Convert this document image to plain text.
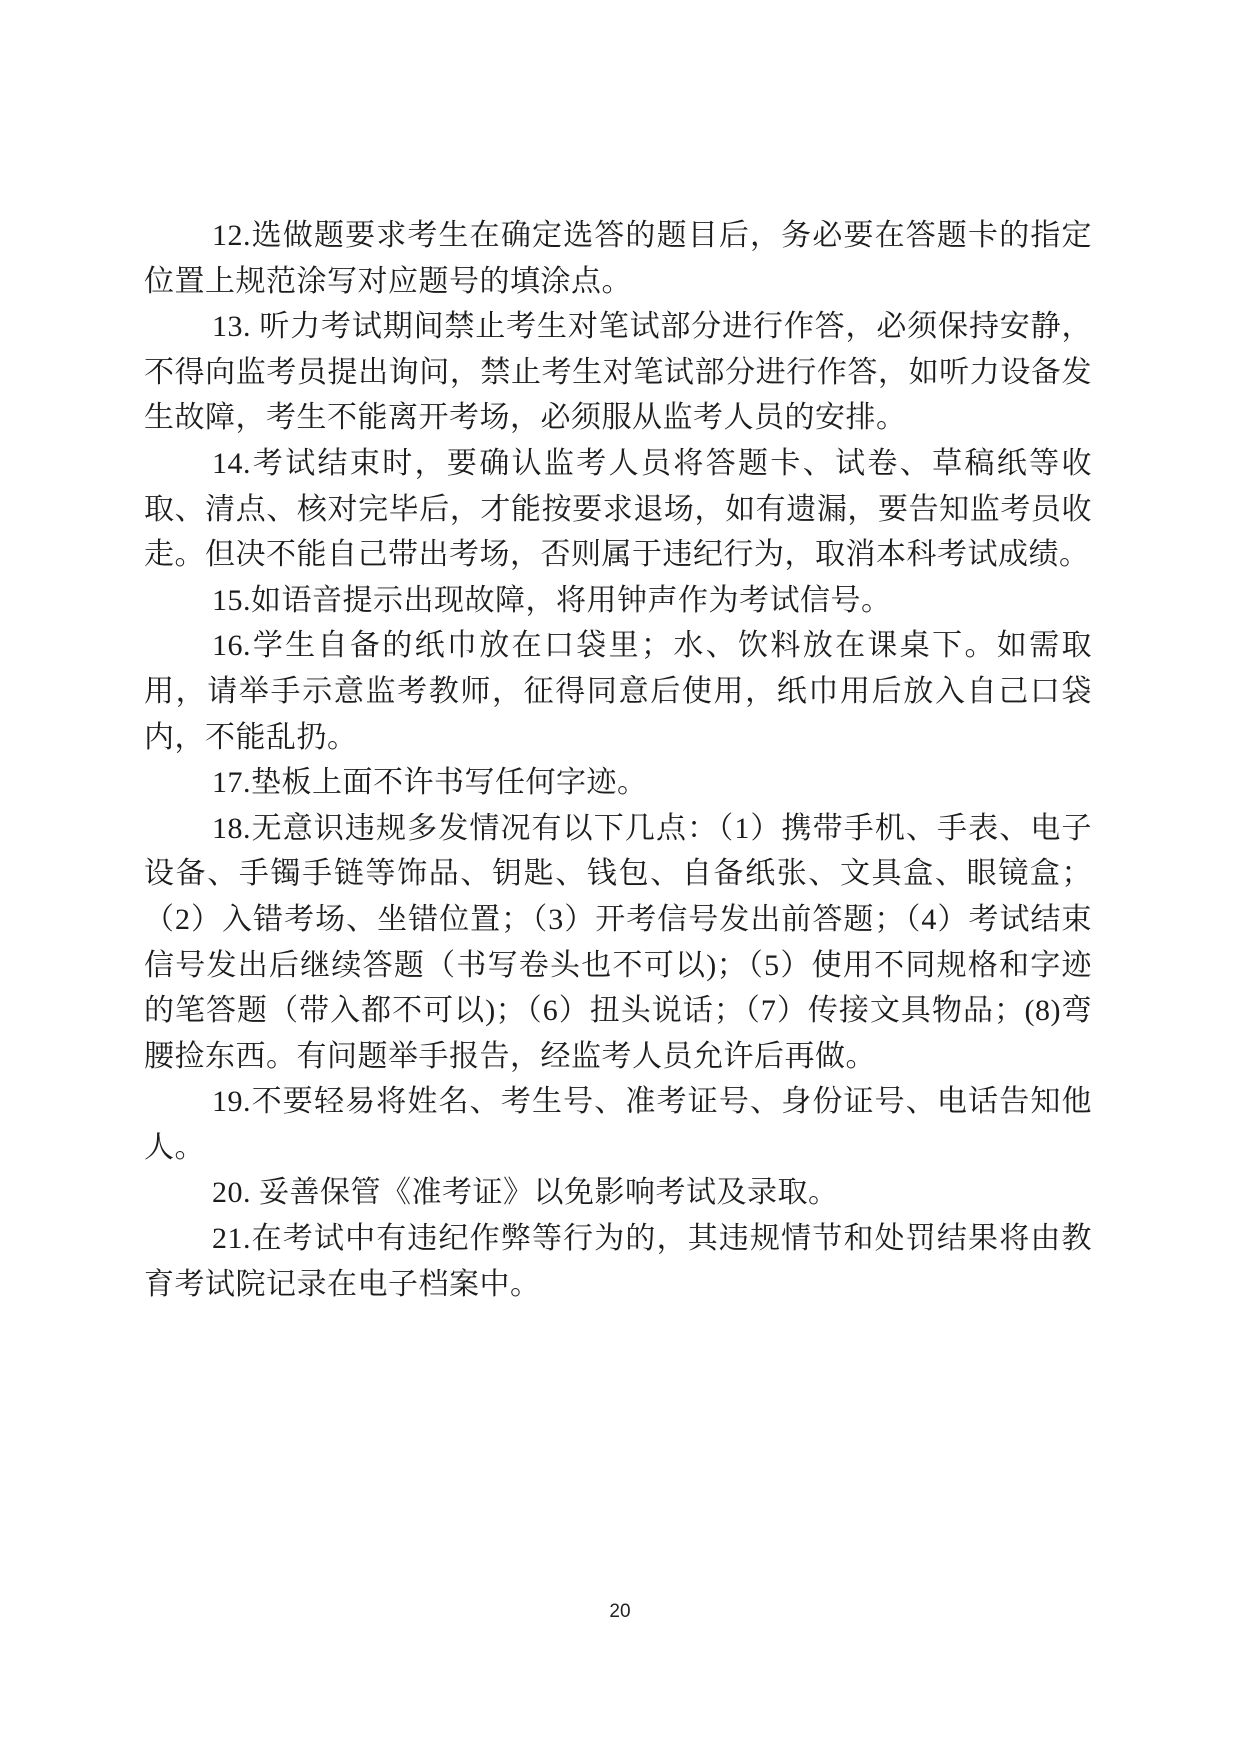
12.选做题要求考生在确定选答的题目后，务必要在答题卡的指定位置上规范涂写对应题号的填涂点。

13. 听力考试期间禁止考生对笔试部分进行作答，必须保持安静，不得向监考员提出询问，禁止考生对笔试部分进行作答，如听力设备发生故障，考生不能离开考场，必须服从监考人员的安排。

14.考试结束时，要确认监考人员将答题卡、试卷、草稿纸等收取、清点、核对完毕后，才能按要求退场，如有遗漏，要告知监考员收走。但决不能自己带出考场，否则属于违纪行为，取消本科考试成绩。

15.如语音提示出现故障，将用钟声作为考试信号。

16.学生自备的纸巾放在口袋里；水、饮料放在课桌下。如需取用，请举手示意监考教师，征得同意后使用，纸巾用后放入自己口袋内，不能乱扔。

17.垫板上面不许书写任何字迹。

18.无意识违规多发情况有以下几点：（1）携带手机、手表、电子设备、手镯手链等饰品、钥匙、钱包、自备纸张、文具盒、眼镜盒；（2）入错考场、坐错位置；（3）开考信号发出前答题；（4）考试结束信号发出后继续答题（书写卷头也不可以)；（5）使用不同规格和字迹的笔答题（带入都不可以)；（6）扭头说话；（7）传接文具物品；(8)弯腰捡东西。有问题举手报告，经监考人员允许后再做。

19.不要轻易将姓名、考生号、准考证号、身份证号、电话告知他人。

20. 妥善保管《准考证》以免影响考试及录取。

21.在考试中有违纪作弊等行为的，其违规情节和处罚结果将由教育考试院记录在电子档案中。

20
